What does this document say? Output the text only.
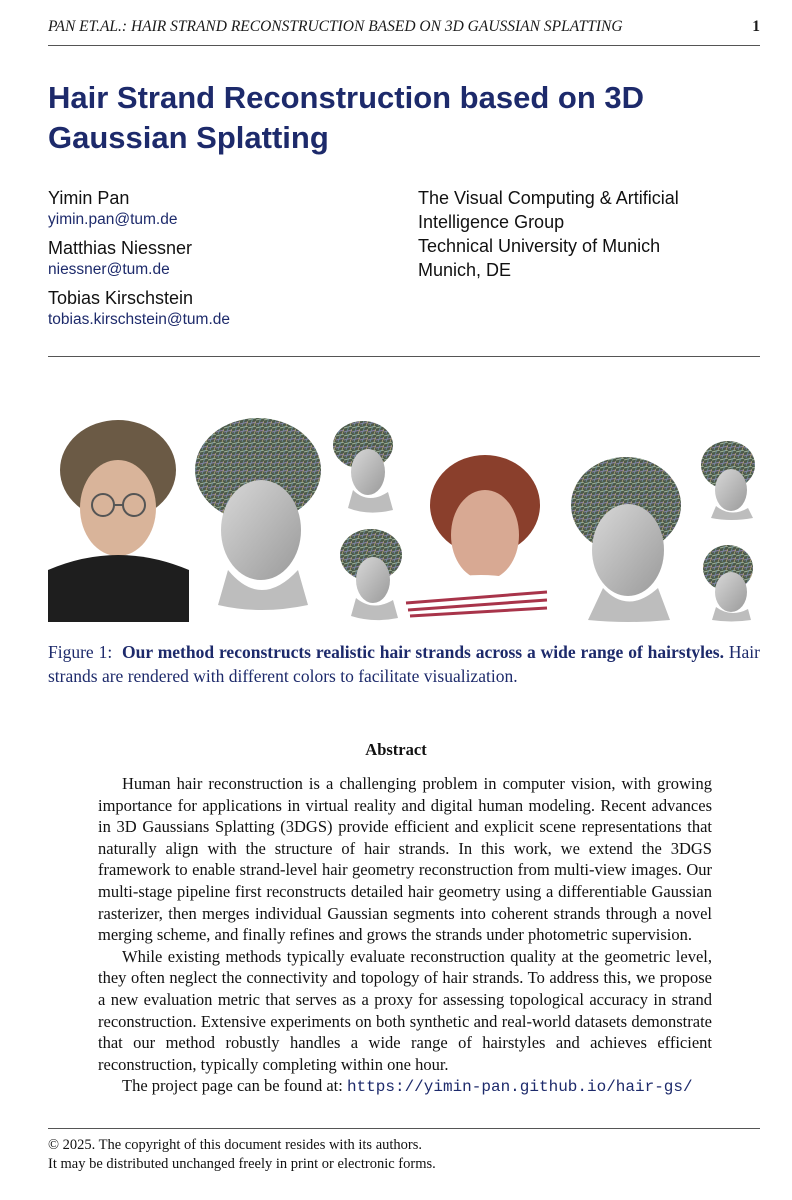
PAN ET.AL.: HAIR STRAND RECONSTRUCTION BASED ON 3D GAUSSIAN SPLATTING	1
Hair Strand Reconstruction based on 3D Gaussian Splatting
Yimin Pan
yimin.pan@tum.de
Matthias Niessner
niessner@tum.de
Tobias Kirschstein
tobias.kirschstein@tum.de
The Visual Computing & Artificial
Intelligence Group
Technical University of Munich
Munich, DE
Figure 1: Our method reconstructs realistic hair strands across a wide range of hairstyles. Hair strands are rendered with different colors to facilitate visualization.
Abstract

Human hair reconstruction is a challenging problem in computer vision, with growing importance for applications in virtual reality and digital human modeling. Recent advances in 3D Gaussians Splatting (3DGS) provide efficient and explicit scene representations that naturally align with the structure of hair strands. In this work, we extend the 3DGS framework to enable strand-level hair geometry reconstruction from multi-view images. Our multi-stage pipeline first reconstructs detailed hair geometry using a differentiable Gaussian rasterizer, then merges individual Gaussian segments into coherent strands through a novel merging scheme, and finally refines and grows the strands under photometric supervision.

While existing methods typically evaluate reconstruction quality at the geometric level, they often neglect the connectivity and topology of hair strands. To address this, we propose a new evaluation metric that serves as a proxy for assessing topological accuracy in strand reconstruction. Extensive experiments on both synthetic and real-world datasets demonstrate that our method robustly handles a wide range of hairstyles and achieves efficient reconstruction, typically completing within one hour.

The project page can be found at: https://yimin-pan.github.io/hair-gs/

© 2025. The copyright of this document resides with its authors.
It may be distributed unchanged freely in print or electronic forms.
